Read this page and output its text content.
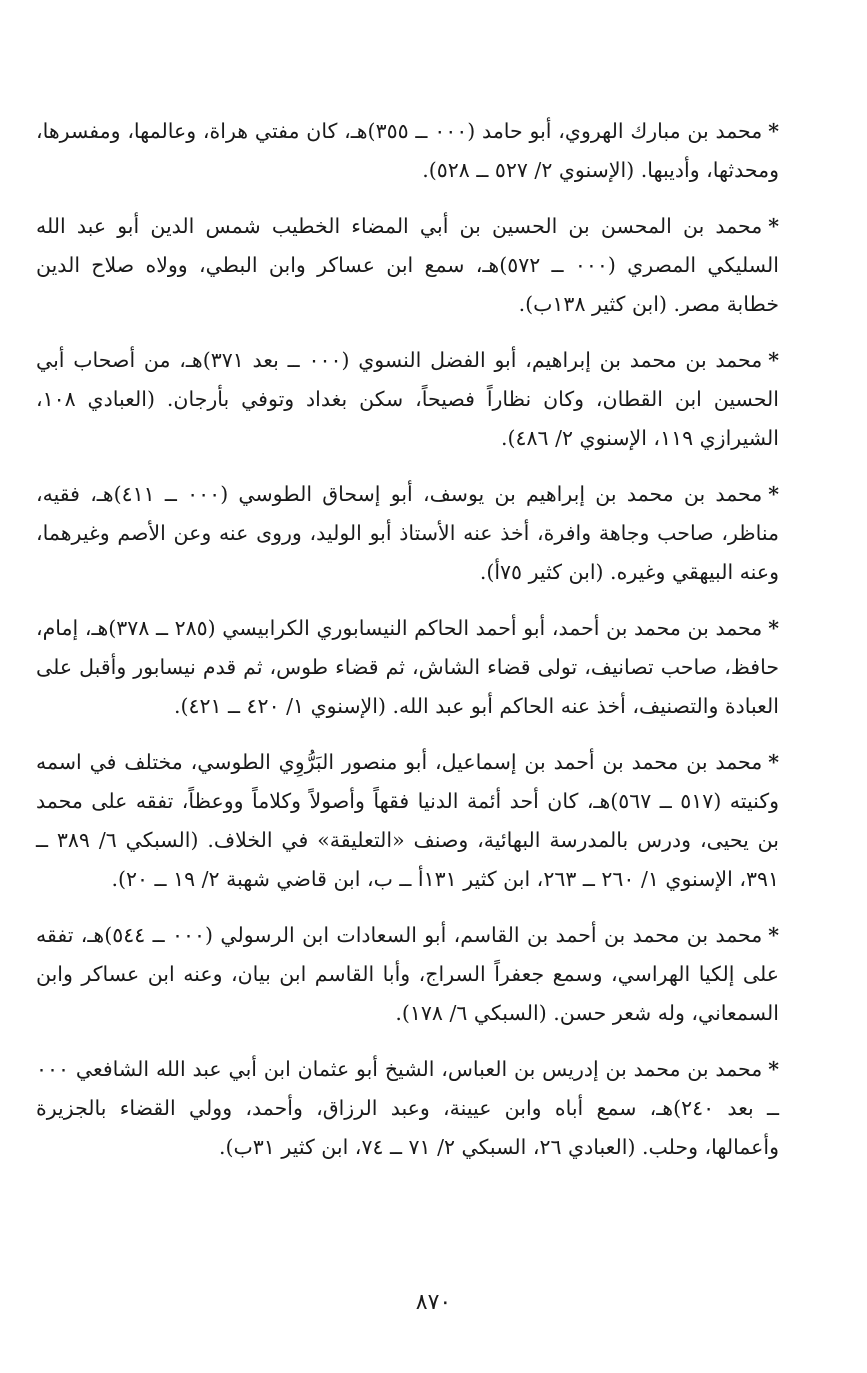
*محمد بن مبارك الهروي، أبو حامد (٠٠٠ ــ ٣٥٥)هـ، كان مفتي هراة، وعالمها، ومفسرها، ومحدثها، وأديبها. (الإسنوي ٢/ ٥٢٧ ــ ٥٢٨).

*محمد بن المحسن بن الحسين بن أبي المضاء الخطيب شمس الدين أبو عبد الله السليكي المصري (٠٠٠ ــ ٥٧٢)هـ، سمع ابن عساكر وابن البطي، وولاه صلاح الدين خطابة مصر. (ابن كثير ١٣٨ب).

*محمد بن محمد بن إبراهيم، أبو الفضل النسوي (٠٠٠ ــ بعد ٣٧١)هـ، من أصحاب أبي الحسين ابن القطان، وكان نظاراً فصيحاً، سكن بغداد وتوفي بأرجان. (العبادي ١٠٨، الشيرازي ١١٩، الإسنوي ٢/ ٤٨٦).

*محمد بن محمد بن إبراهيم بن يوسف، أبو إسحاق الطوسي (٠٠٠ ــ ٤١١)هـ، فقيه، مناظر، صاحب وجاهة وافرة، أخذ عنه الأستاذ أبو الوليد، وروى عنه وعن الأصم وغيرهما، وعنه البيهقي وغيره. (ابن كثير ٧٥أ).

*محمد بن محمد بن أحمد، أبو أحمد الحاكم النيسابوري الكرابيسي (٢٨٥ ــ ٣٧٨)هـ، إمام، حافظ، صاحب تصانيف، تولى قضاء الشاش، ثم قضاء طوس، ثم قدم نيسابور وأقبل على العبادة والتصنيف، أخذ عنه الحاكم أبو عبد الله. (الإسنوي ١/ ٤٢٠ ــ ٤٢١).

*محمد بن محمد بن أحمد بن إسماعيل، أبو منصور البَرُّوِي الطوسي، مختلف في اسمه وكنيته (٥١٧ ــ ٥٦٧)هـ، كان أحد أئمة الدنيا فقهاً وأصولاً وكلاماً ووعظاً، تفقه على محمد بن يحيى، ودرس بالمدرسة البهائية، وصنف «التعليقة» في الخلاف. (السبكي ٦/ ٣٨٩ ــ ٣٩١، الإسنوي ١/ ٢٦٠ ــ ٢٦٣، ابن كثير ١٣١أ ــ ب، ابن قاضي شهبة ٢/ ١٩ ــ ٢٠).

*محمد بن محمد بن أحمد بن القاسم، أبو السعادات ابن الرسولي (٠٠٠ ــ ٥٤٤)هـ، تفقه على إلكيا الهراسي، وسمع جعفراً السراج، وأبا القاسم ابن بيان، وعنه ابن عساكر وابن السمعاني، وله شعر حسن. (السبكي ٦/ ١٧٨).

*محمد بن محمد بن إدريس بن العباس، الشيخ أبو عثمان ابن أبي عبد الله الشافعي ٠٠٠ ــ بعد ٢٤٠)هـ، سمع أباه وابن عيينة، وعبد الرزاق، وأحمد، وولي القضاء بالجزيرة وأعمالها، وحلب. (العبادي ٢٦، السبكي ٢/ ٧١ ــ ٧٤، ابن كثير ٣١ب).

٨٧٠
